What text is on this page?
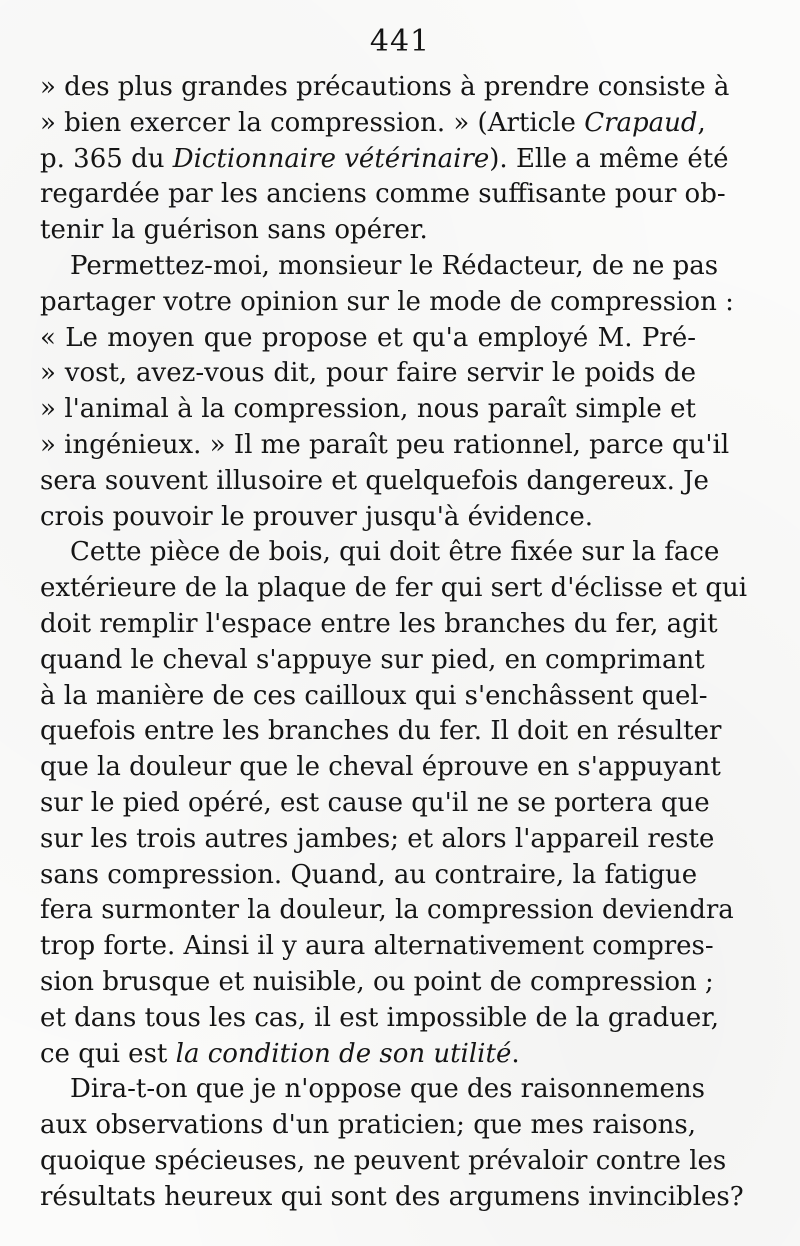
441
» des plus grandes précautions à prendre consiste à
» bien exercer la compression. » (Article Crapaud,
p. 365 du Dictionnaire vétérinaire). Elle a même été
regardée par les anciens comme suffisante pour ob-
tenir la guérison sans opérer.
Permettez-moi, monsieur le Rédacteur, de ne pas
partager votre opinion sur le mode de compression :
« Le moyen que propose et qu'a employé M. Pré-
» vost, avez-vous dit, pour faire servir le poids de
» l'animal à la compression, nous paraît simple et
» ingénieux. » Il me paraît peu rationnel, parce qu'il
sera souvent illusoire et quelquefois dangereux. Je
crois pouvoir le prouver jusqu'à évidence.
Cette pièce de bois, qui doit être fixée sur la face
extérieure de la plaque de fer qui sert d'éclisse et qui
doit remplir l'espace entre les branches du fer, agit
quand le cheval s'appuye sur pied, en comprimant
à la manière de ces cailloux qui s'enchâssent quel-
quefois entre les branches du fer. Il doit en résulter
que la douleur que le cheval éprouve en s'appuyant
sur le pied opéré, est cause qu'il ne se portera que
sur les trois autres jambes; et alors l'appareil reste
sans compression. Quand, au contraire, la fatigue
fera surmonter la douleur, la compression deviendra
trop forte. Ainsi il y aura alternativement compres-
sion brusque et nuisible, ou point de compression ;
et dans tous les cas, il est impossible de la graduer,
ce qui est la condition de son utilité.
Dira-t-on que je n'oppose que des raisonnemens
aux observations d'un praticien; que mes raisons,
quoique spécieuses, ne peuvent prévaloir contre les
résultats heureux qui sont des argumens invincibles?
